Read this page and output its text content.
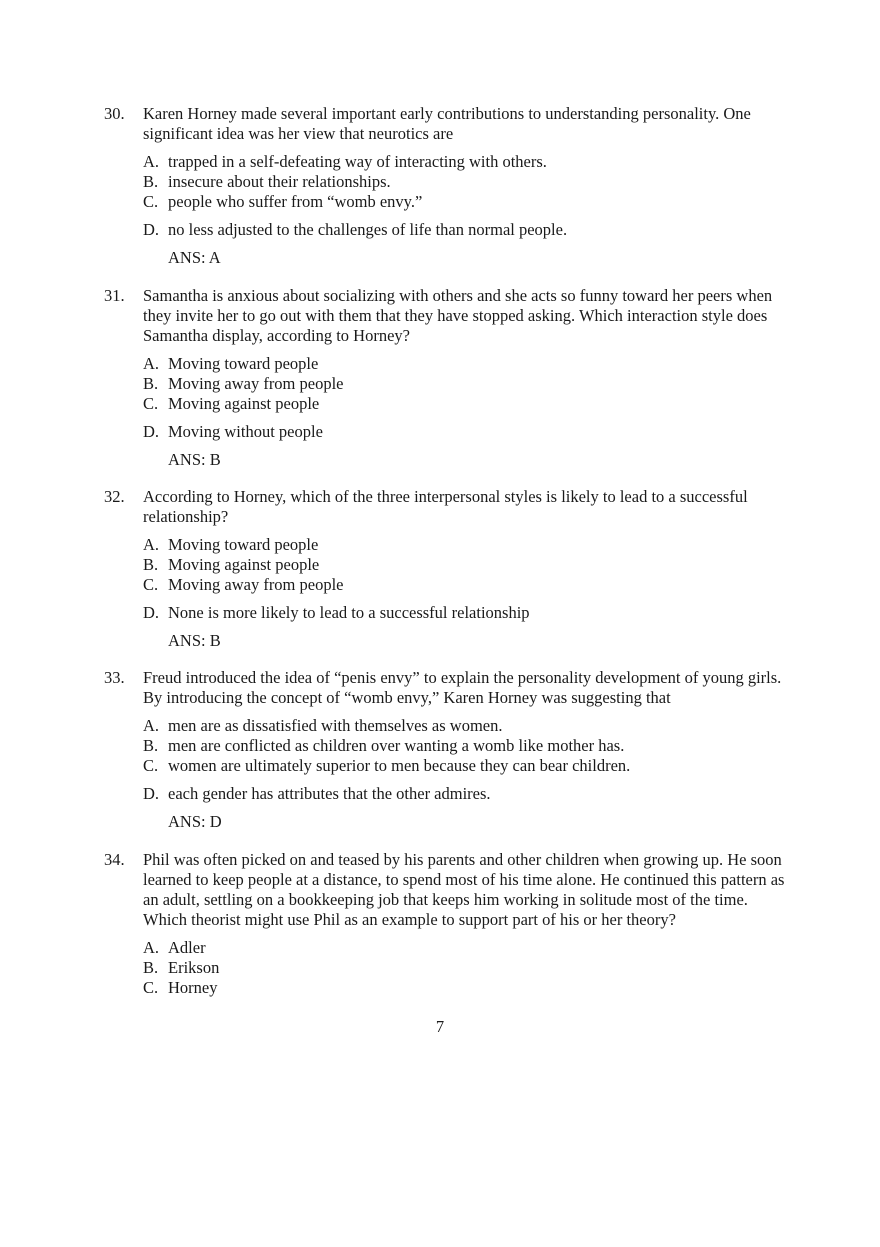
30. Karen Horney made several important early contributions to understanding personality. One significant idea was her view that neurotics are
A. trapped in a self-defeating way of interacting with others.
B. insecure about their relationships.
C. people who suffer from “womb envy.”
D. no less adjusted to the challenges of life than normal people.
ANS: A
31. Samantha is anxious about socializing with others and she acts so funny toward her peers when they invite her to go out with them that they have stopped asking. Which interaction style does Samantha display, according to Horney?
A. Moving toward people
B. Moving away from people
C. Moving against people
D. Moving without people
ANS: B
32. According to Horney, which of the three interpersonal styles is likely to lead to a successful relationship?
A. Moving toward people
B. Moving against people
C. Moving away from people
D. None is more likely to lead to a successful relationship
ANS: B
33. Freud introduced the idea of “penis envy” to explain the personality development of young girls. By introducing the concept of “womb envy,” Karen Horney was suggesting that
A. men are as dissatisfied with themselves as women.
B. men are conflicted as children over wanting a womb like mother has.
C. women are ultimately superior to men because they can bear children.
D. each gender has attributes that the other admires.
ANS: D
34. Phil was often picked on and teased by his parents and other children when growing up. He soon learned to keep people at a distance, to spend most of his time alone. He continued this pattern as an adult, settling on a bookkeeping job that keeps him working in solitude most of the time. Which theorist might use Phil as an example to support part of his or her theory?
A. Adler
B. Erikson
C. Horney
7
